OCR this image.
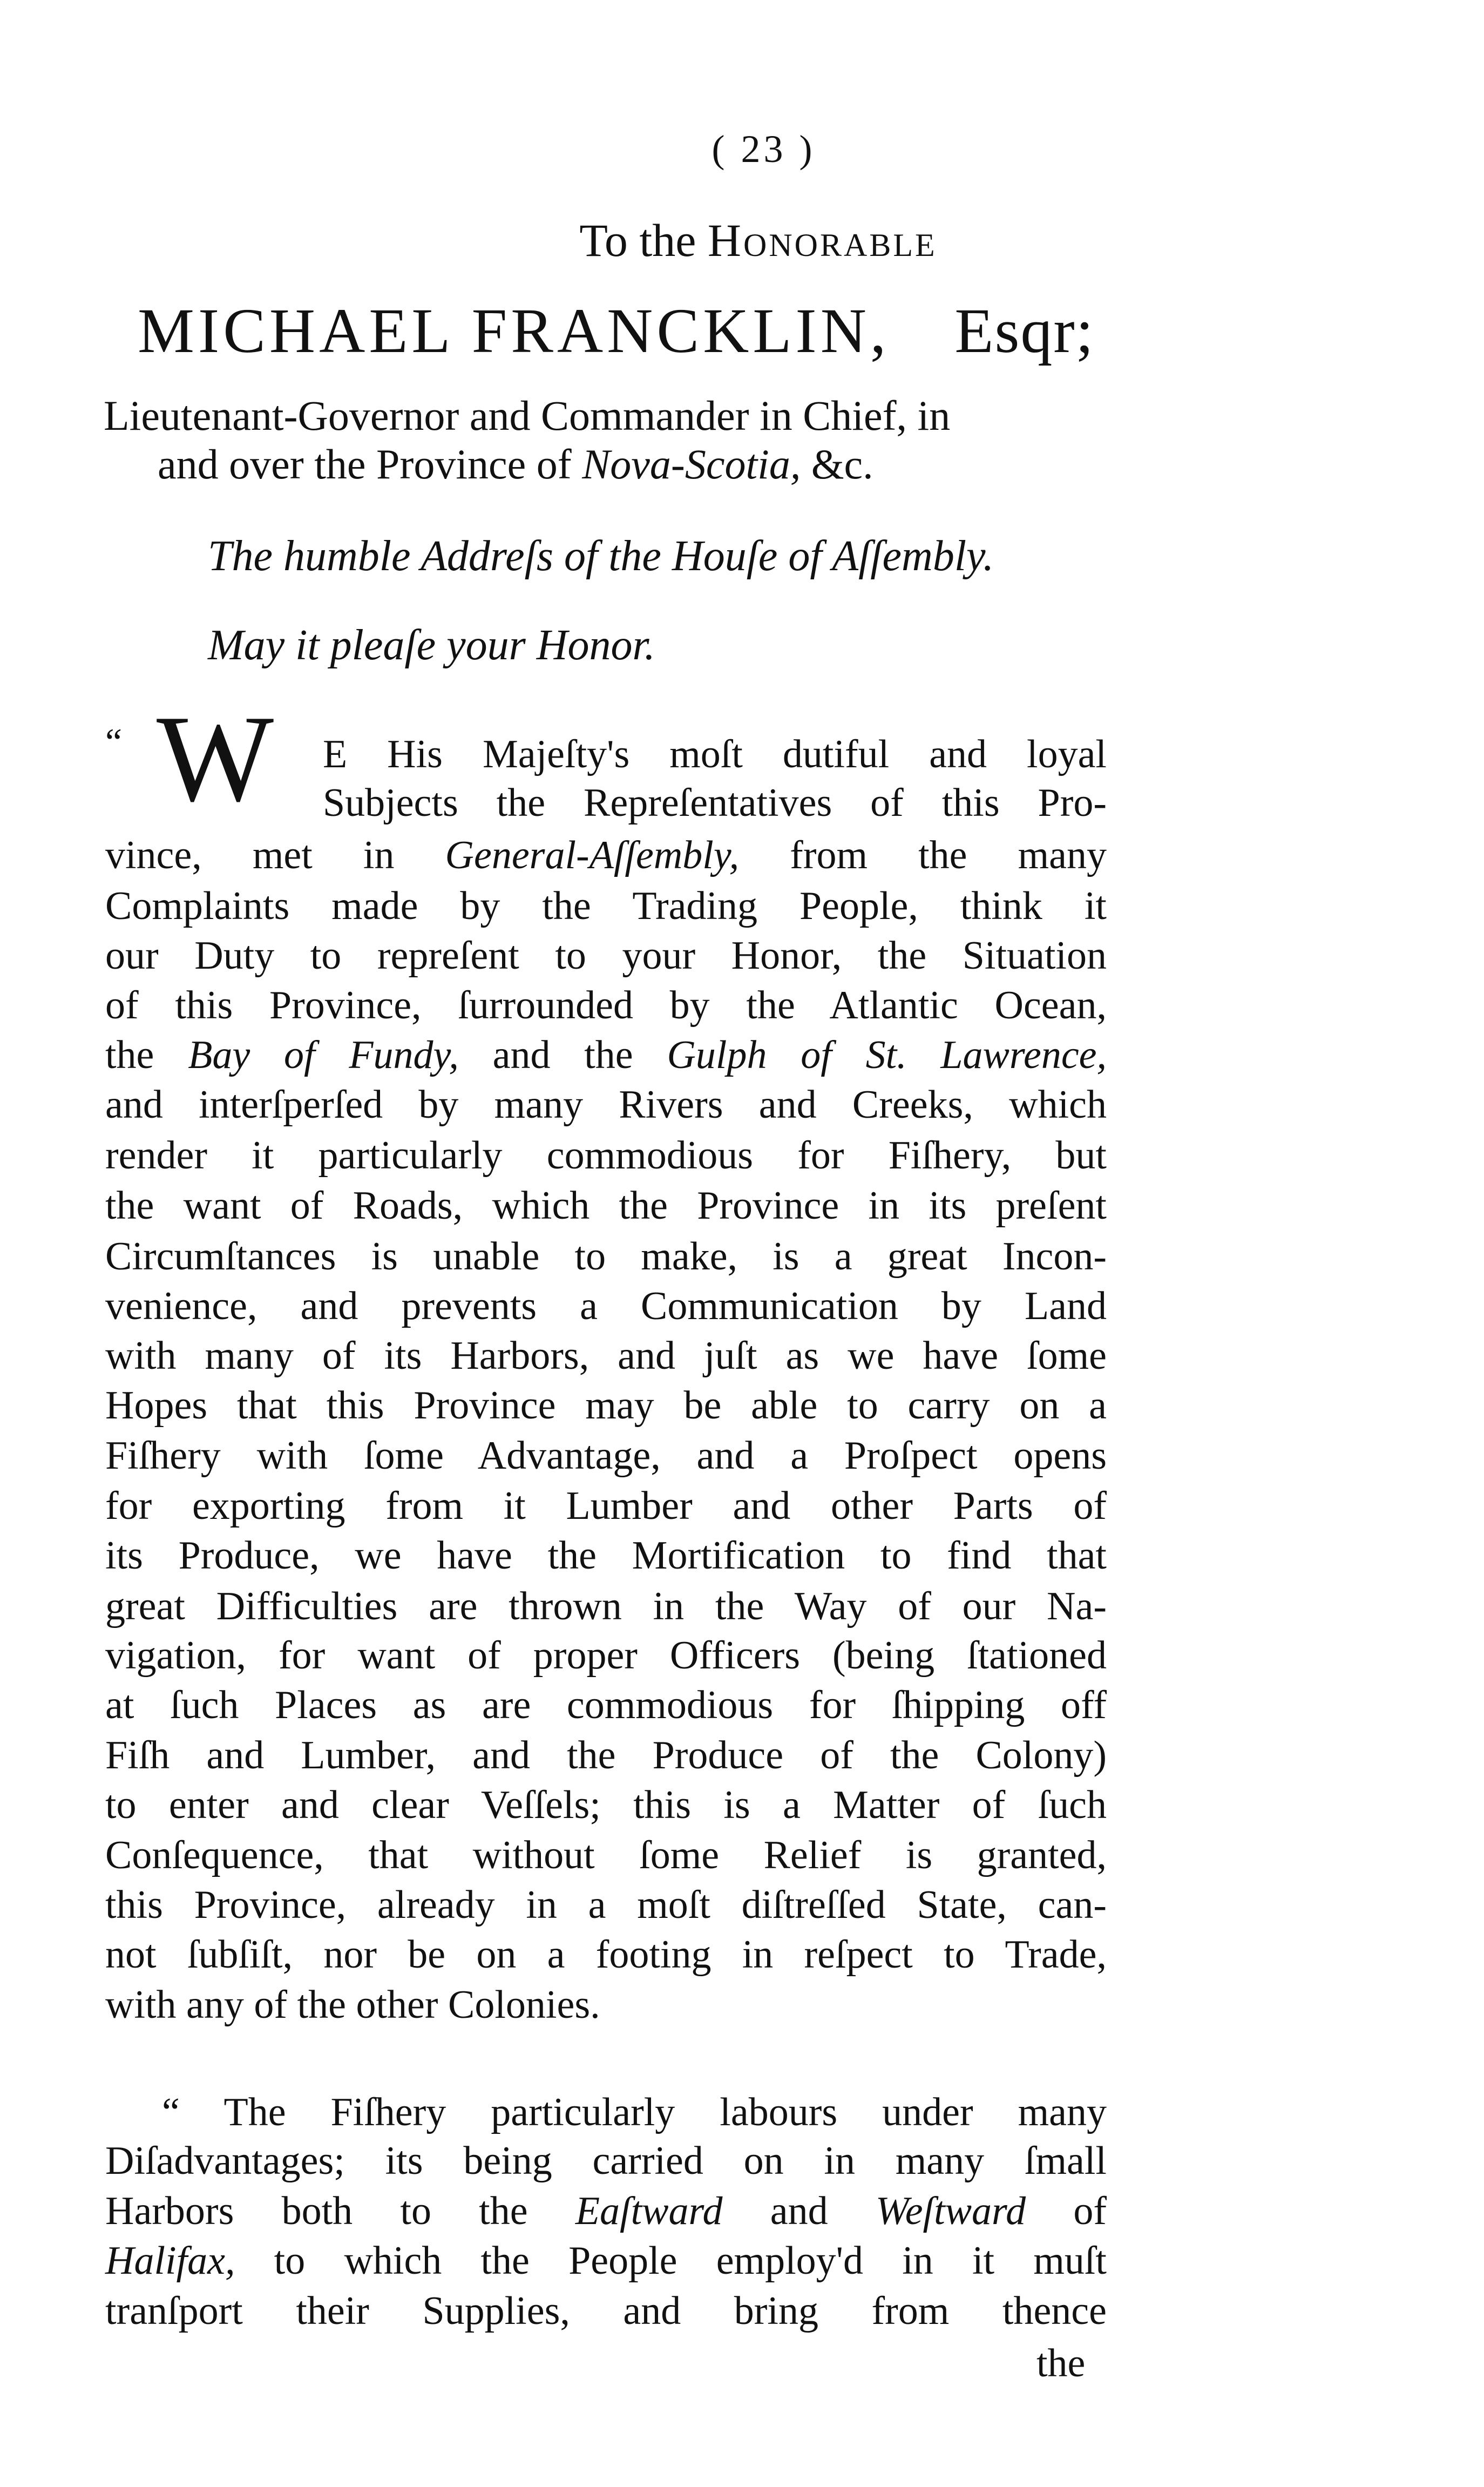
( 23 )
To the Honorable
MICHAEL FRANCKLIN, Esqr;
Lieutenant-Governor and Commander in Chief, in
and over the Province of Nova-Scotia, &c.
The humble Addreſs of the Houſe of Aſſembly.
May it pleaſe your Honor.
“ W E His Majeſty's moſt dutiful and loyal
Subjects the Repreſentatives of this Pro-
vince, met in General-Aſſembly, from the many
Complaints made by the Trading People, think it
our Duty to repreſent to your Honor, the Situation
of this Province, ſurrounded by the Atlantic Ocean,
the Bay of Fundy, and the Gulph of St. Lawrence,
and interſperſed by many Rivers and Creeks, which
render it particularly commodious for Fiſhery, but
the want of Roads, which the Province in its preſent
Circumſtances is unable to make, is a great Incon-
venience, and prevents a Communication by Land
with many of its Harbors, and juſt as we have ſome
Hopes that this Province may be able to carry on a
Fiſhery with ſome Advantage, and a Proſpect opens
for exporting from it Lumber and other Parts of
its Produce, we have the Mortification to find that
great Difficulties are thrown in the Way of our Na-
vigation, for want of proper Officers (being ſtationed
at ſuch Places as are commodious for ſhipping off
Fiſh and Lumber, and the Produce of the Colony)
to enter and clear Veſſels; this is a Matter of ſuch
Conſequence, that without ſome Relief is granted,
this Province, already in a moſt diſtreſſed State, can-
not ſubſiſt, nor be on a footing in reſpect to Trade,
with any of the other Colonies.
“ The Fiſhery particularly labours under many
Diſadvantages; its being carried on in many ſmall
Harbors both to the Eaſtward and Weſtward of
Halifax, to which the People employ'd in it muſt
tranſport their Supplies, and bring from thence
the
